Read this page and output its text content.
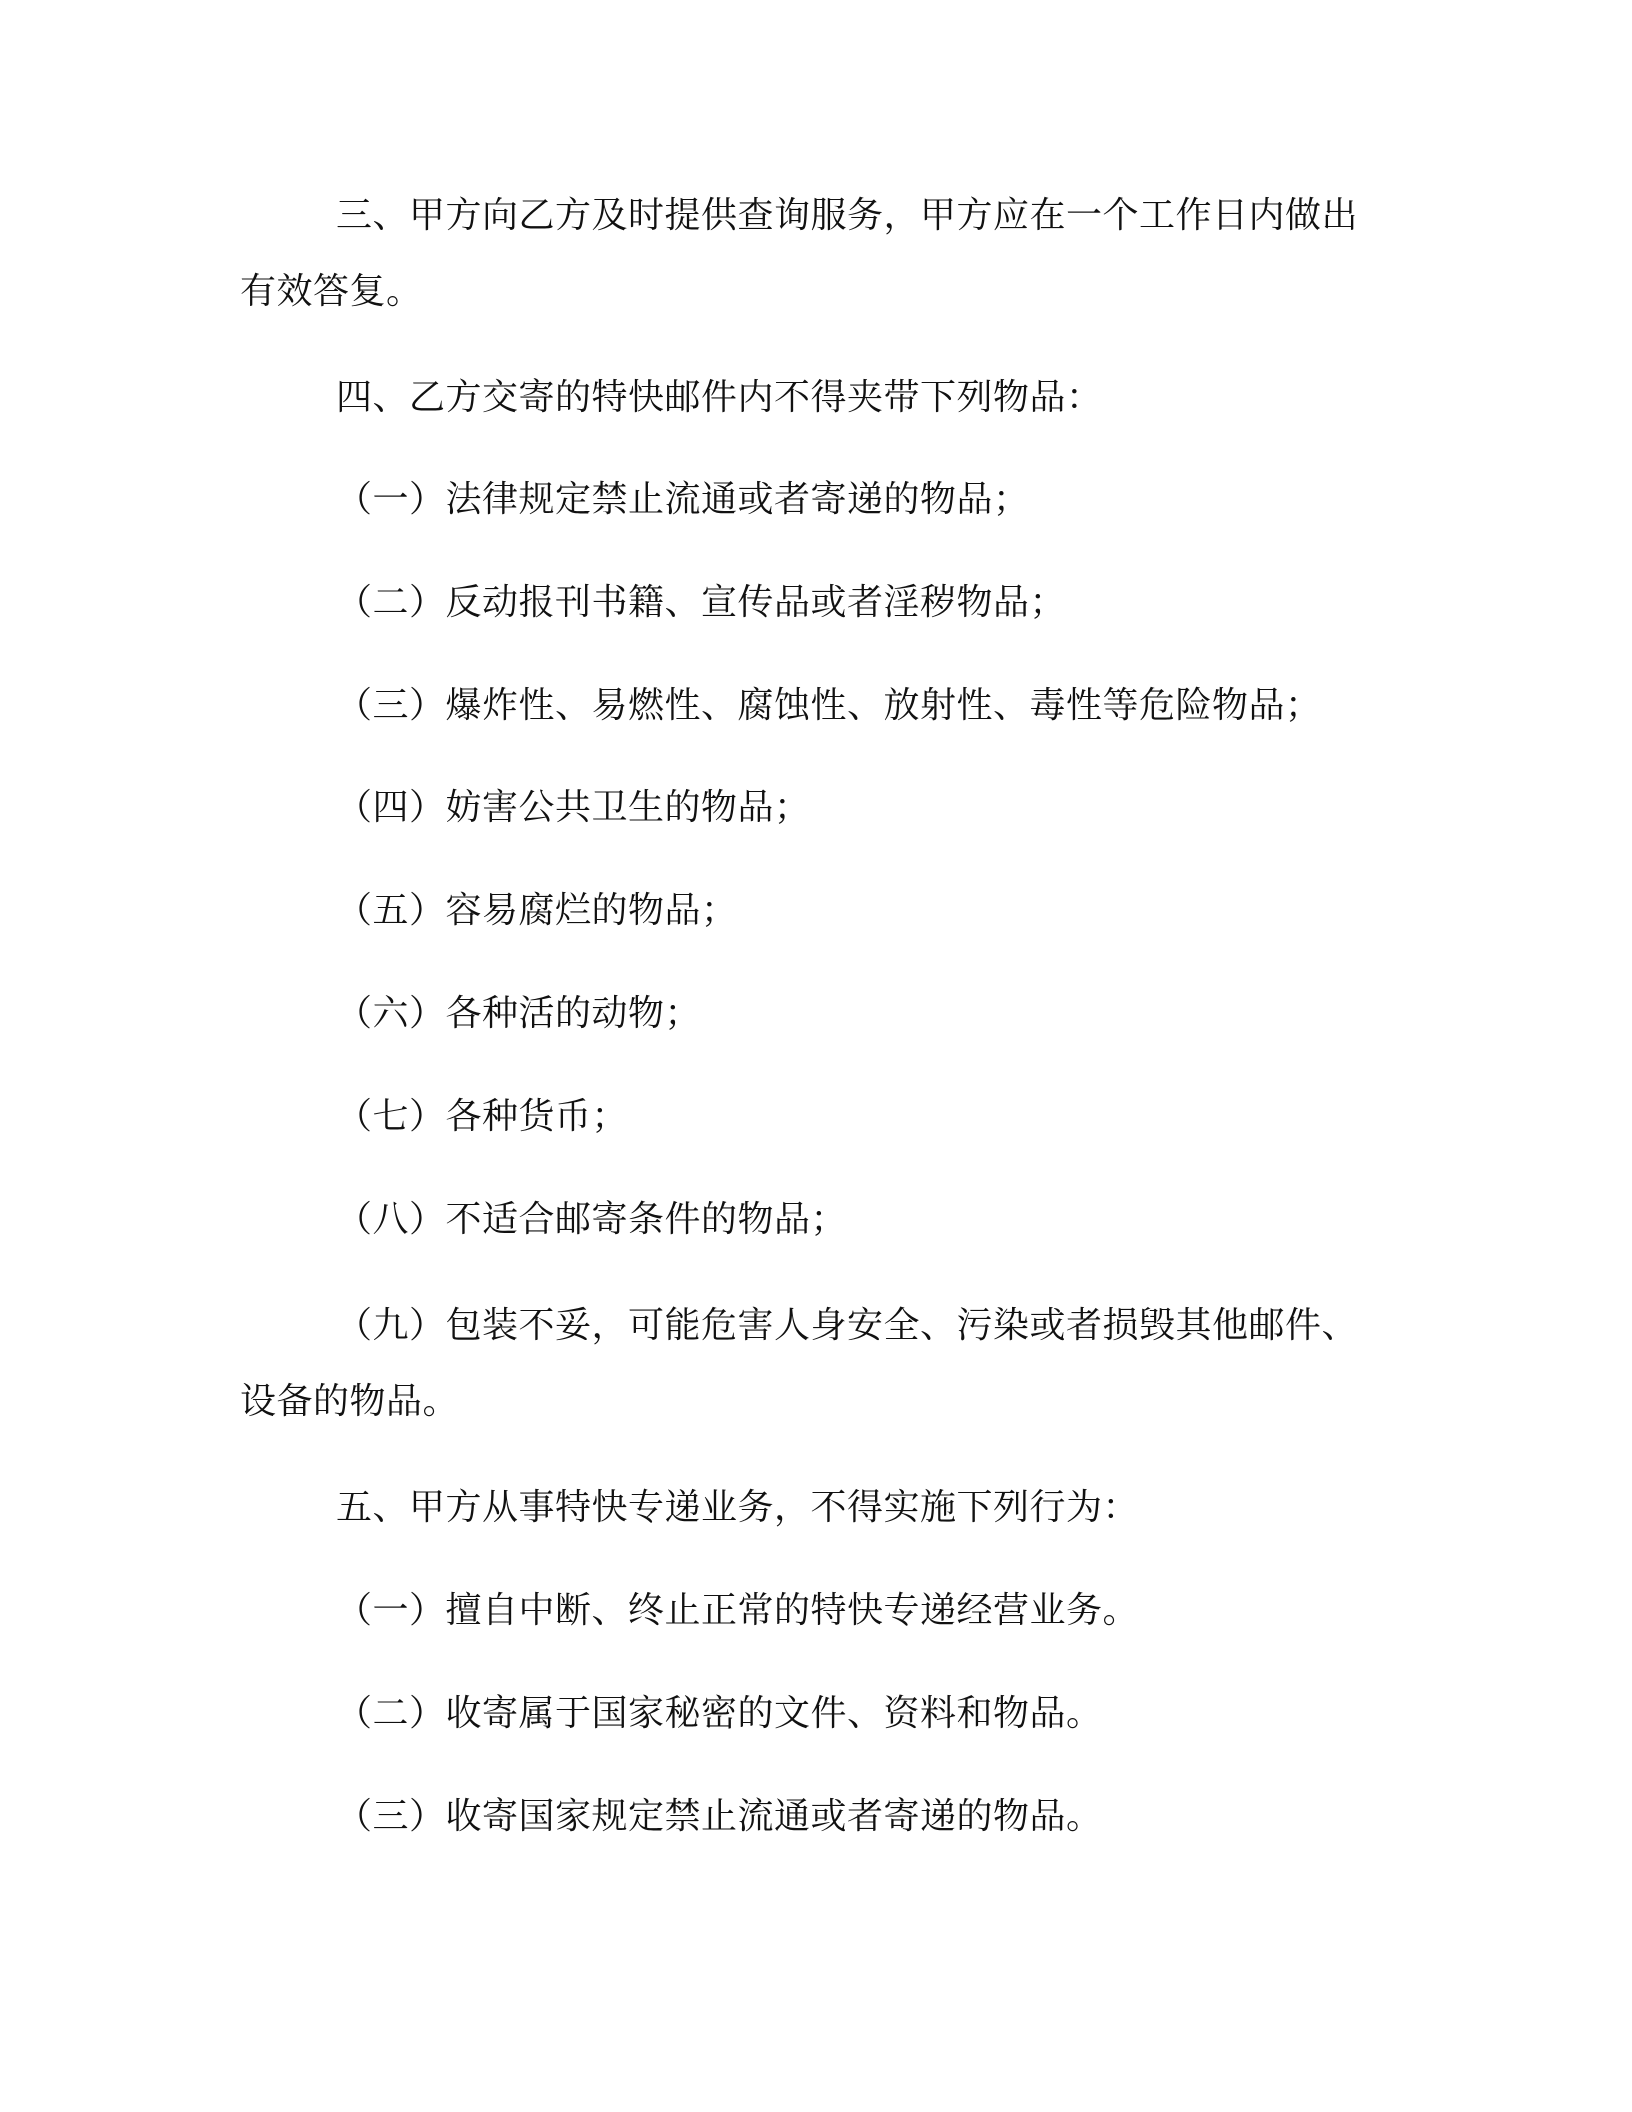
三、甲方向乙方及时提供查询服务，甲方应在一个工作日内做出有效答复。

四、乙方交寄的特快邮件内不得夹带下列物品：

（一）法律规定禁止流通或者寄递的物品；

（二）反动报刊书籍、宣传品或者淫秽物品；

（三）爆炸性、易燃性、腐蚀性、放射性、毒性等危险物品；

（四）妨害公共卫生的物品；

（五）容易腐烂的物品；

（六）各种活的动物；

（七）各种货币；

（八）不适合邮寄条件的物品；

（九）包装不妥，可能危害人身安全、污染或者损毁其他邮件、设备的物品。

五、甲方从事特快专递业务，不得实施下列行为：

（一）擅自中断、终止正常的特快专递经营业务。

（二）收寄属于国家秘密的文件、资料和物品。

（三）收寄国家规定禁止流通或者寄递的物品。
